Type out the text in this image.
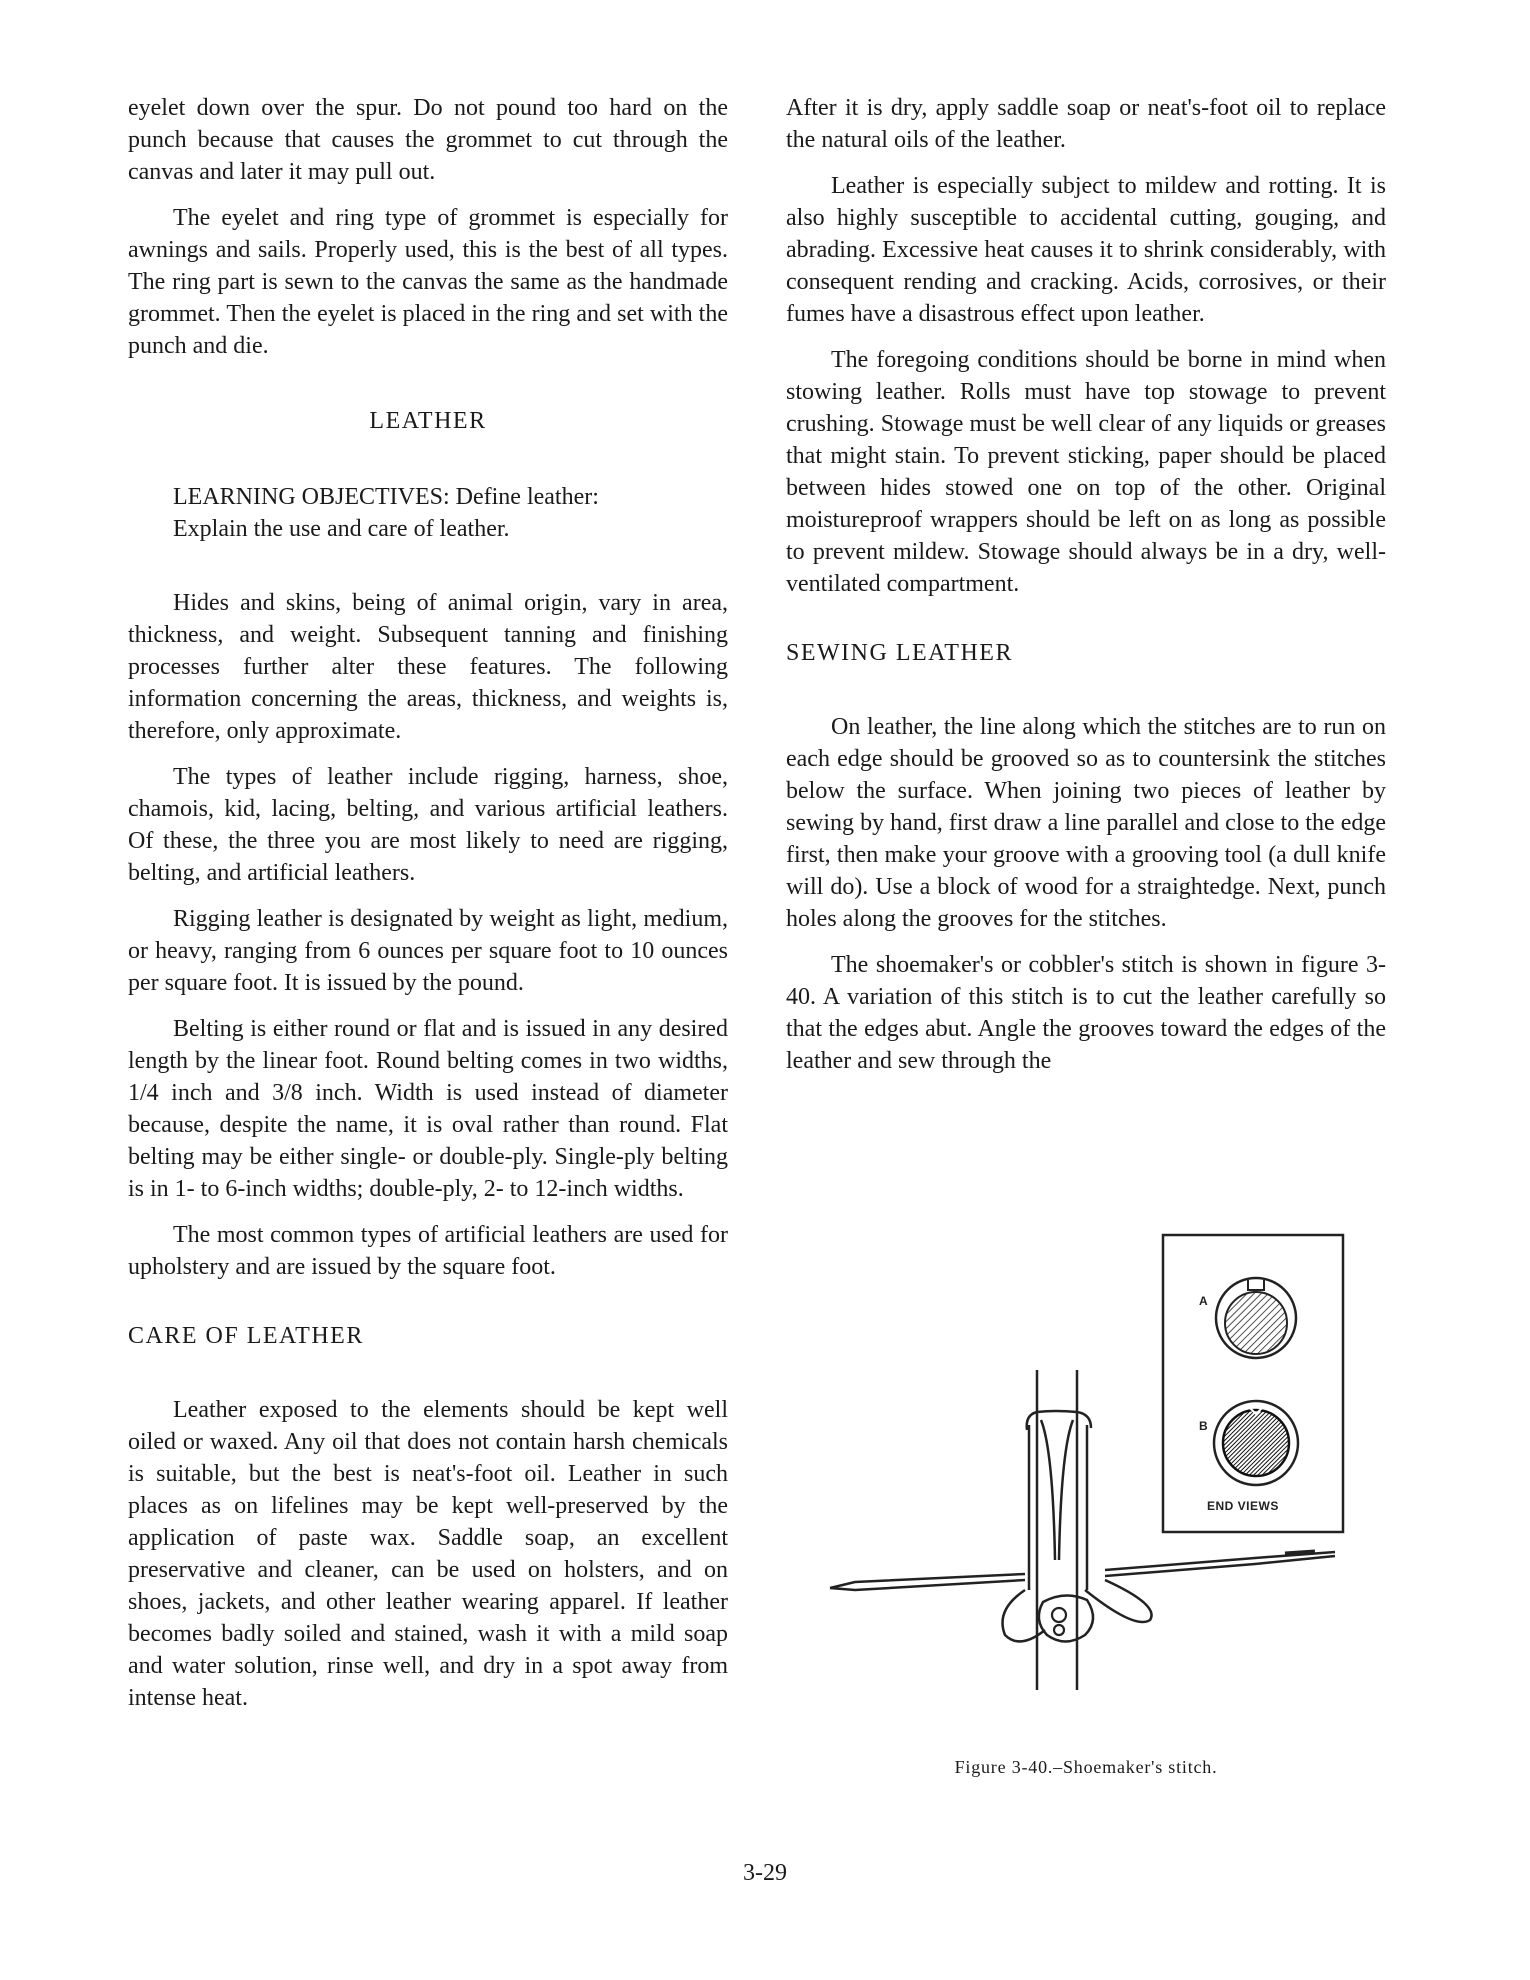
eyelet down over the spur. Do not pound too hard on the punch because that causes the grommet to cut through the canvas and later it may pull out.

The eyelet and ring type of grommet is especially for awnings and sails. Properly used, this is the best of all types. The ring part is sewn to the canvas the same as the handmade grommet. Then the eyelet is placed in the ring and set with the punch and die.

LEATHER
LEARNING OBJECTIVES: Define leather:
Explain the use and care of leather.

Hides and skins, being of animal origin, vary in area, thickness, and weight. Subsequent tanning and finishing processes further alter these features. The following information concerning the areas, thickness, and weights is, therefore, only approximate.

The types of leather include rigging, harness, shoe, chamois, kid, lacing, belting, and various artificial leathers. Of these, the three you are most likely to need are rigging, belting, and artificial leathers.

Rigging leather is designated by weight as light, medium, or heavy, ranging from 6 ounces per square foot to 10 ounces per square foot. It is issued by the pound.

Belting is either round or flat and is issued in any desired length by the linear foot. Round belting comes in two widths, 1/4 inch and 3/8 inch. Width is used instead of diameter because, despite the name, it is oval rather than round. Flat belting may be either single- or double-ply. Single-ply belting is in 1- to 6-inch widths; double-ply, 2- to 12-inch widths.

The most common types of artificial leathers are used for upholstery and are issued by the square foot.

CARE OF LEATHER

Leather exposed to the elements should be kept well oiled or waxed. Any oil that does not contain harsh chemicals is suitable, but the best is neat's-foot oil. Leather in such places as on lifelines may be kept well-preserved by the application of paste wax. Saddle soap, an excellent preservative and cleaner, can be used on holsters, and on shoes, jackets, and other leather wearing apparel. If leather becomes badly soiled and stained, wash it with a mild soap and water solution, rinse well, and dry in a spot away from intense heat.

After it is dry, apply saddle soap or neat's-foot oil to replace the natural oils of the leather.

Leather is especially subject to mildew and rotting. It is also highly susceptible to accidental cutting, gouging, and abrading. Excessive heat causes it to shrink considerably, with consequent rending and cracking. Acids, corrosives, or their fumes have a disastrous effect upon leather.

The foregoing conditions should be borne in mind when stowing leather. Rolls must have top stowage to prevent crushing. Stowage must be well clear of any liquids or greases that might stain. To prevent sticking, paper should be placed between hides stowed one on top of the other. Original moistureproof wrappers should be left on as long as possible to prevent mildew. Stowage should always be in a dry, well-ventilated compartment.

SEWING LEATHER

On leather, the line along which the stitches are to run on each edge should be grooved so as to countersink the stitches below the surface. When joining two pieces of leather by sewing by hand, first draw a line parallel and close to the edge first, then make your groove with a grooving tool (a dull knife will do). Use a block of wood for a straightedge. Next, punch holes along the grooves for the stitches.

The shoemaker's or cobbler's stitch is shown in figure 3-40. A variation of this stitch is to cut the leather carefully so that the edges abut. Angle the grooves toward the edges of the leather and sew through the

A
B
END VIEWS
Figure 3-40.–Shoemaker's stitch.
3-29
